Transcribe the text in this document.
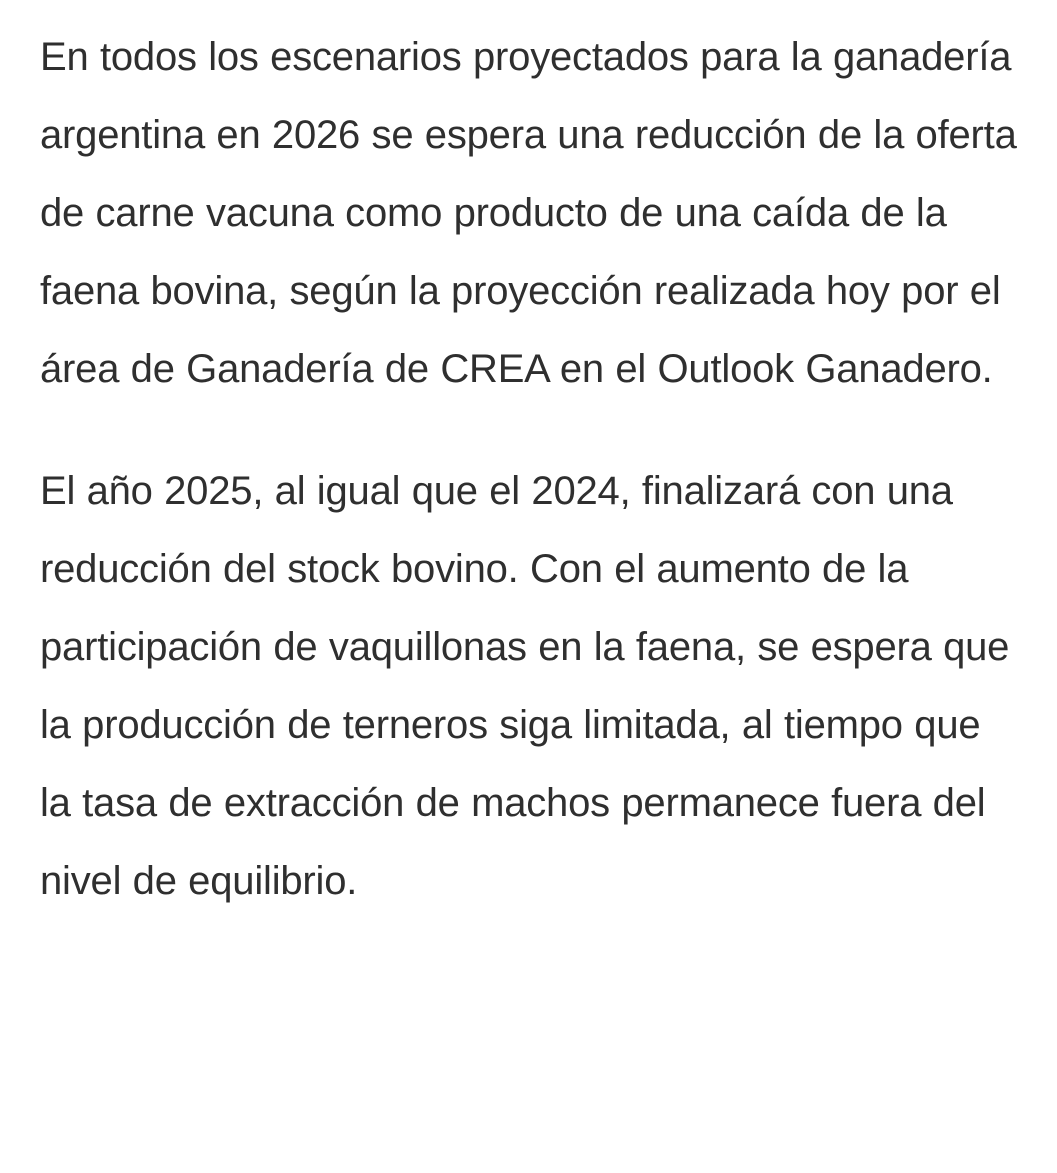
En todos los escenarios proyectados para la ganadería argentina en 2026 se espera una reducción de la oferta de carne vacuna como producto de una caída de la faena bovina, según la proyección realizada hoy por el área de Ganadería de CREA en el Outlook Ganadero.

El año 2025, al igual que el 2024, finalizará con una reducción del stock bovino. Con el aumento de la participación de vaquillonas en la faena, se espera que la producción de terneros siga limitada, al tiempo que la tasa de extracción de machos permanece fuera del nivel de equilibrio.
